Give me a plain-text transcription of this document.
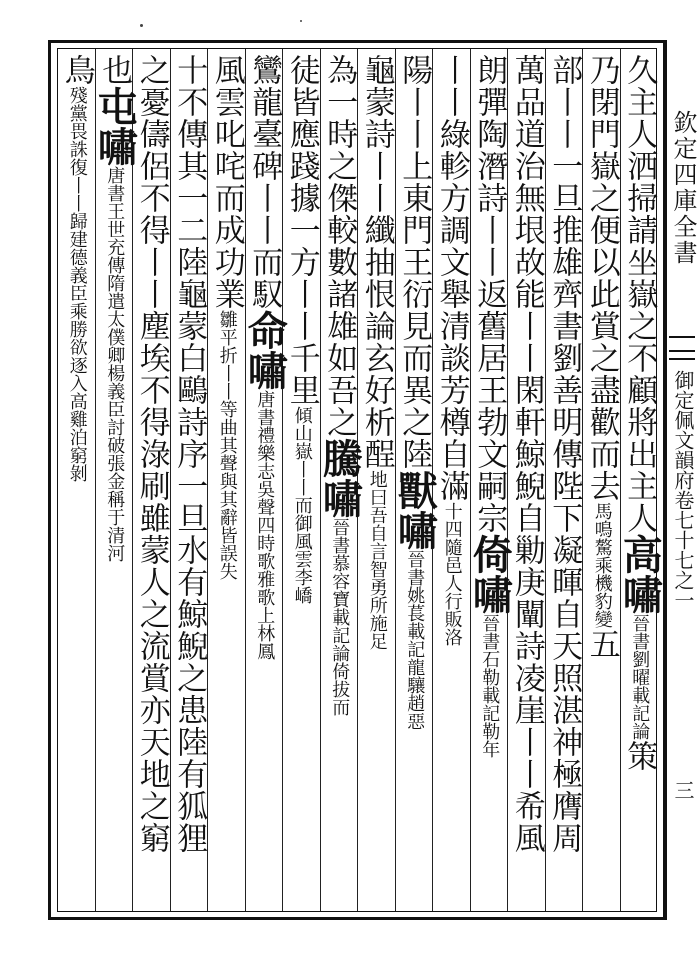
久主人洒掃請坐嶽之不顧將出主人高嘯晉書劉曜載記論策
乃閉門嶽之便以此賞之盡歡而去馬鳴驁乘機豹變五
部丨丨一旦推雄齊書劉善明傳陛下凝暉自天照湛神極膺周
萬品道治無垠故能丨丨閑軒鯨鯢自勦庚闡詩凌崖丨丨希風
朗彈陶潛詩丨丨返舊居王勃文嗣宗倚嘯晉書石勒載記勒年
丨丨綠軫方調文舉清談芳樽自滿十四隨邑人行販洛
陽丨丨上東門王衍見而異之陸獸嘯晉書姚萇載記龍驤趙惡
龜蒙詩丨丨纖抽恨論玄好析酲地曰吾自言智勇所施足
為一時之傑較數諸雄如吾之騰嘯晉書慕容寶載記論倚拔而
徒皆應踐據一方丨丨千里傾山嶽丨丨而御風雲李嶠
鸞龍臺碑丨丨而馭命嘯唐書禮樂志吳聲四時歌雅歌上林鳳
風雲叱咤而成功業雛平折丨丨等曲其聲與其辭皆誤失
十不傳其一二陸龜蒙白鷗詩序一旦水有鯨鯢之患陸有狐狸
之憂儔侶不得丨丨塵埃不得淥刷雖蒙人之流賞亦天地之窮
也屯嘯唐書王世充傳隋遣太僕卿楊義臣討破張金稱于清河
鳥殘黨畏誅復丨丨歸建德義臣乘勝欲逐入高雞泊窮剝	欽定四庫全書
御定佩文韻府卷七十七之一
三
